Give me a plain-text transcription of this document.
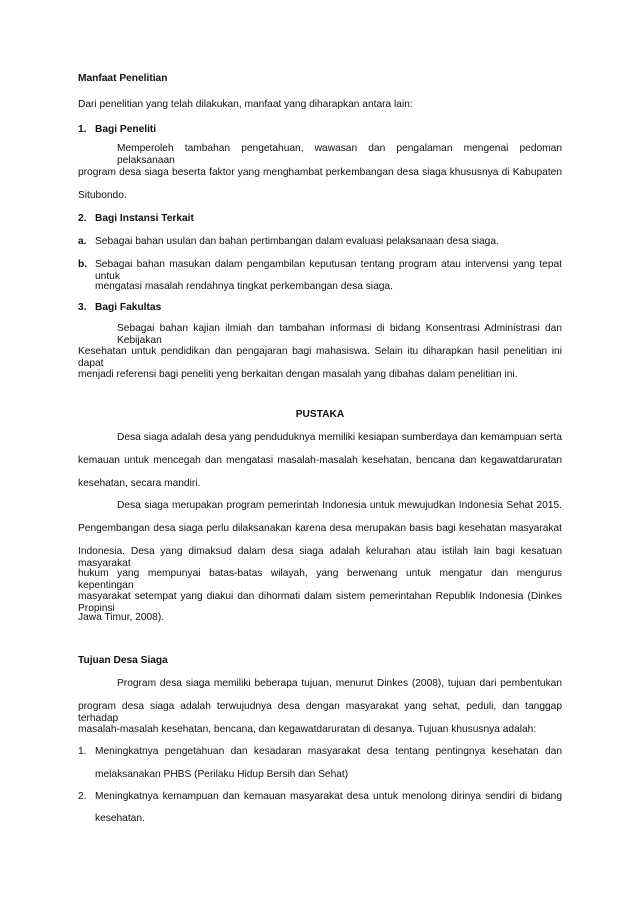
Manfaat Penelitian
Dari penelitian yang telah dilakukan, manfaat yang diharapkan antara lain:
1. Bagi Peneliti
Memperoleh tambahan pengetahuan, wawasan dan pengalaman mengenai pedoman pelaksanaan
program desa siaga beserta faktor yang menghambat perkembangan desa siaga khususnya di Kabupaten
Situbondo.
2. Bagi Instansi Terkait
a. Sebagai bahan usulan dan bahan pertimbangan dalam evaluasi pelaksanaan desa siaga.
b. Sebagai bahan masukan dalam pengambilan keputusan tentang program atau intervensi yang tepat untuk
mengatasi masalah rendahnya tingkat perkembangan desa siaga.
3. Bagi Fakultas
Sebagai bahan kajian ilmiah dan tambahan informasi di bidang Konsentrasi Administrasi dan Kebijakan
Kesehatan untuk pendidikan dan pengajaran bagi mahasiswa. Selain itu diharapkan hasil penelitian ini dapat
menjadi referensi bagi peneliti yeng berkaitan dengan masalah yang dibahas dalam penelitian ini.
PUSTAKA
Desa siaga adalah desa yang penduduknya memiliki kesiapan sumberdaya dan kemampuan serta
kemauan untuk mencegah dan mengatasi masalah-masalah kesehatan, bencana dan kegawatdaruratan
kesehatan, secara mandiri.
Desa siaga merupakan program pemerintah Indonesia untuk mewujudkan Indonesia Sehat 2015.
Pengembangan desa siaga perlu dilaksanakan karena desa merupakan basis bagi kesehatan masyarakat
Indonesia. Desa yang dimaksud dalam desa siaga adalah kelurahan atau istilah lain bagi kesatuan masyarakat
hukum yang mempunyai batas-batas wilayah, yang berwenang untuk mengatur dan mengurus kepentingan
masyarakat setempat yang diakui dan dihormati dalam sistem pemerintahan Republik Indonesia (Dinkes Propinsi
Jawa Timur, 2008).
Tujuan Desa Siaga
Program desa siaga memiliki beberapa tujuan, menurut Dinkes (2008), tujuan dari pembentukan
program desa siaga adalah terwujudnya desa dengan masyarakat yang sehat, peduli, dan tanggap terhadap
masalah-masalah kesehatan, bencana, dan kegawatdaruratan di desanya. Tujuan khususnya adalah:
1. Meningkatnya pengetahuan dan kesadaran masyarakat desa tentang pentingnya kesehatan dan
melaksanakan PHBS (Perilaku Hidup Bersih dan Sehat)
2. Meningkatnya kemampuan dan kemauan masyarakat desa untuk menolong dirinya sendiri di bidang
kesehatan.
